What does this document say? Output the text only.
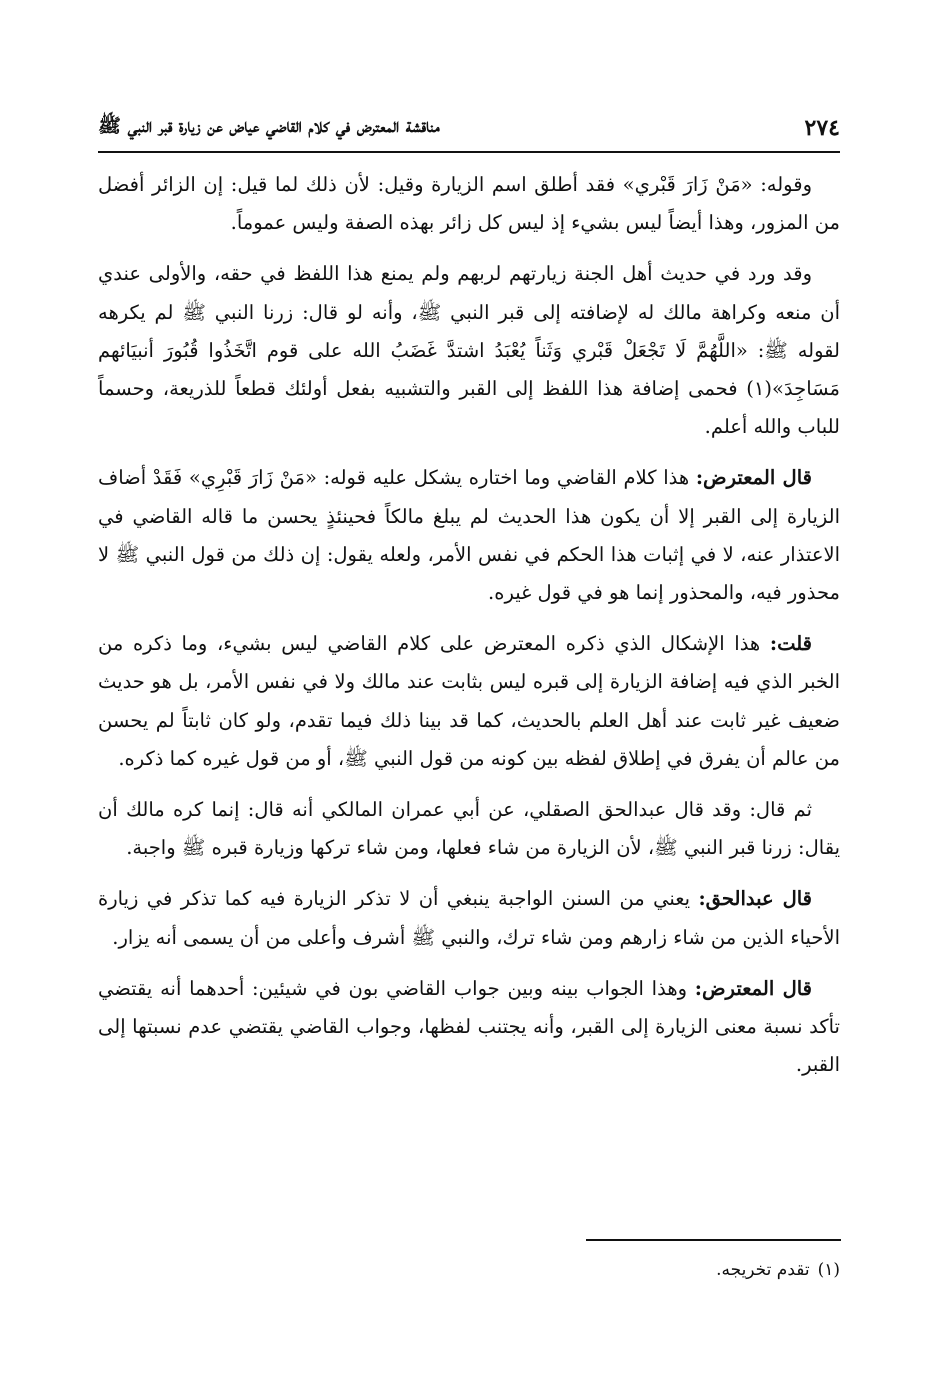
٢٧٤
مناقشة المعترض في كلام القاضي عياض عن زيارة قبر النبي ﷺ

وقوله: «مَنْ زَارَ قَبْري» فقد أطلق اسم الزيارة وقيل: لأن ذلك لما قيل: إن الزائر أفضل من المزور، وهذا أيضاً ليس بشيء إذ ليس كل زائر بهذه الصفة وليس عموماً.

وقد ورد في حديث أهل الجنة زيارتهم لربهم ولم يمنع هذا اللفظ في حقه، والأولى عندي أن منعه وكراهة مالك له لإضافته إلى قبر النبي ﷺ، وأنه لو قال: زرنا النبي ﷺ لم يكرهه لقوله ﷺ: «اللَّهُمَّ لَا تَجْعَلْ قَبْري وَثَناً يُعْبَدُ اشتدَّ غَضَبُ الله على قوم اتَّخَذُوا قُبُورَ أنبيَائهم مَسَاجِدَ»(١) فحمى إضافة هذا اللفظ إلى القبر والتشبيه بفعل أولئك قطعاً للذريعة، وحسماً للباب والله أعلم.

قال المعترض: هذا كلام القاضي وما اختاره يشكل عليه قوله: «مَنْ زَارَ قَبْرِي» فَقَدْ أضاف الزيارة إلى القبر إلا أن يكون هذا الحديث لم يبلغ مالكاً فحينئذٍ يحسن ما قاله القاضي في الاعتذار عنه، لا في إثبات هذا الحكم في نفس الأمر، ولعله يقول: إن ذلك من قول النبي ﷺ لا محذور فيه، والمحذور إنما هو في قول غيره.

قلت: هذا الإشكال الذي ذكره المعترض على كلام القاضي ليس بشيء، وما ذكره من الخبر الذي فيه إضافة الزيارة إلى قبره ليس بثابت عند مالك ولا في نفس الأمر، بل هو حديث ضعيف غير ثابت عند أهل العلم بالحديث، كما قد بينا ذلك فيما تقدم، ولو كان ثابتاً لم يحسن من عالم أن يفرق في إطلاق لفظه بين كونه من قول النبي ﷺ، أو من قول غيره كما ذكره.

ثم قال: وقد قال عبدالحق الصقلي، عن أبي عمران المالكي أنه قال: إنما كره مالك أن يقال: زرنا قبر النبي ﷺ، لأن الزيارة من شاء فعلها، ومن شاء تركها وزيارة قبره ﷺ واجبة.

قال عبدالحق: يعني من السنن الواجبة ينبغي أن لا تذكر الزيارة فيه كما تذكر في زيارة الأحياء الذين من شاء زارهم ومن شاء ترك، والنبي ﷺ أشرف وأعلى من أن يسمى أنه يزار.

قال المعترض: وهذا الجواب بينه وبين جواب القاضي بون في شيئين: أحدهما أنه يقتضي تأكد نسبة معنى الزيارة إلى القبر، وأنه يجتنب لفظها، وجواب القاضي يقتضي عدم نسبتها إلى القبر.

(١)تقدم تخريجه.
